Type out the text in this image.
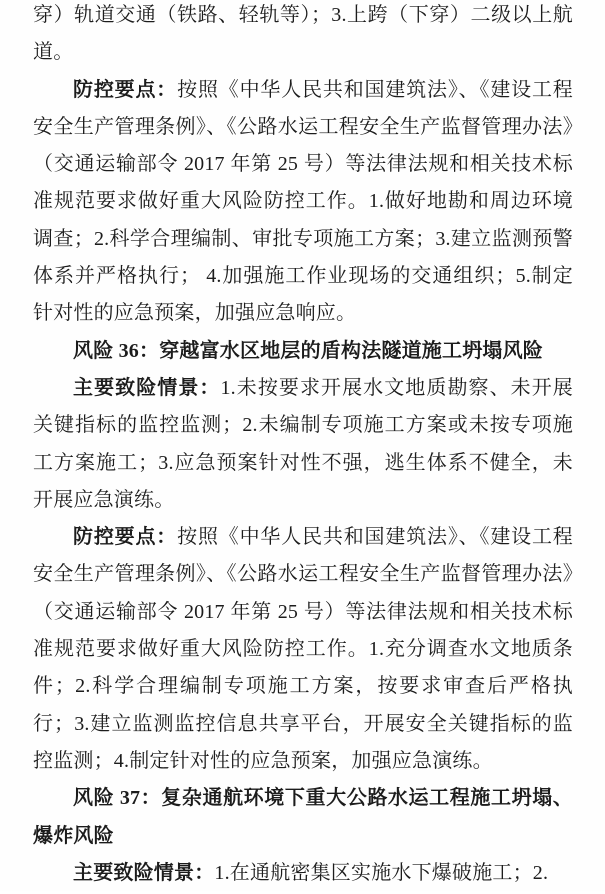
穿）轨道交通（铁路、轻轨等）；3.上跨（下穿）二级以上航道。

防控要点：按照《中华人民共和国建筑法》、《建设工程安全生产管理条例》、《公路水运工程安全生产监督管理办法》（交通运输部令 2017 年第 25 号）等法律法规和相关技术标准规范要求做好重大风险防控工作。1.做好地勘和周边环境调查；2.科学合理编制、审批专项施工方案；3.建立监测预警体系并严格执行； 4.加强施工作业现场的交通组织；5.制定针对性的应急预案，加强应急响应。

风险 36：穿越富水区地层的盾构法隧道施工坍塌风险

主要致险情景：1.未按要求开展水文地质勘察、未开展关键指标的监控监测；2.未编制专项施工方案或未按专项施工方案施工；3.应急预案针对性不强，逃生体系不健全，未开展应急演练。

防控要点：按照《中华人民共和国建筑法》、《建设工程安全生产管理条例》、《公路水运工程安全生产监督管理办法》（交通运输部令 2017 年第 25 号）等法律法规和相关技术标准规范要求做好重大风险防控工作。1.充分调查水文地质条件；2.科学合理编制专项施工方案，按要求审查后严格执行；3.建立监测监控信息共享平台，开展安全关键指标的监控监测；4.制定针对性的应急预案，加强应急演练。

风险 37：复杂通航环境下重大公路水运工程施工坍塌、爆炸风险

主要致险情景：1.在通航密集区实施水下爆破施工；2.
